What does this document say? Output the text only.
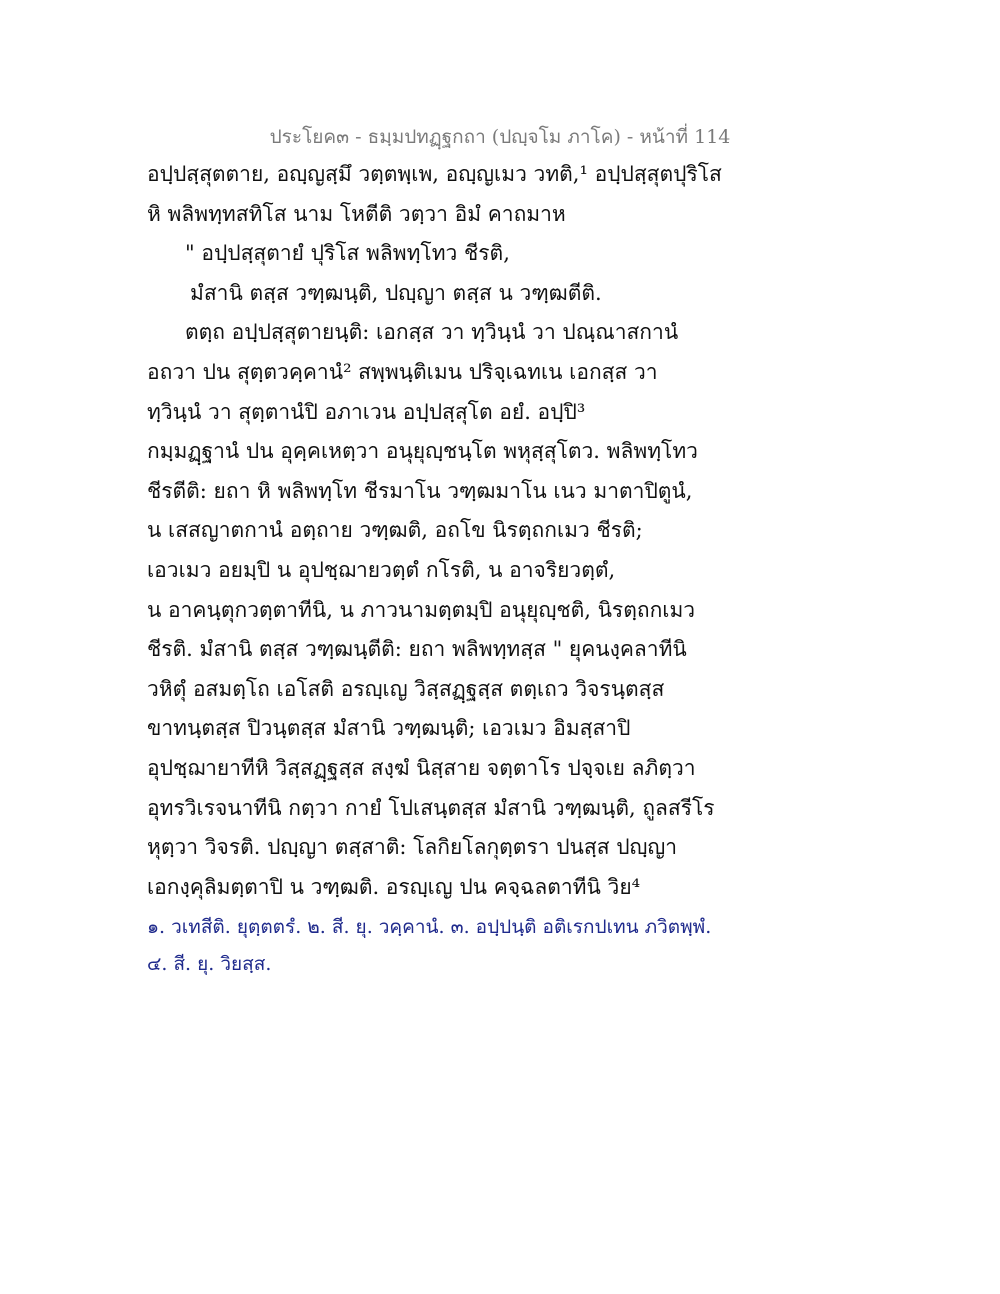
ประโยค๓ - ธมฺมปทฏฺฐกถา (ปญฺจโม ภาโค) - หน้าที่ 114
อปฺปสฺสุตตาย, อญฺญสฺมึ วตฺตพฺเพ, อญฺญเมว วทติ,¹ อปฺปสฺสุตปุริโส
หิ พลิพทฺทสทิโส นาม โหตีติ วตฺวา อิมํ คาถมาห
" อปฺปสฺสุตายํ ปุริโส พลิพทฺโทว ชีรติ,
มํสานิ ตสฺส วฑฺฒนฺติ, ปญฺญา ตสฺส น วฑฺฒตีติ.
ตตฺถ อปฺปสฺสุตายนฺติ: เอกสฺส วา ทฺวินฺนํ วา ปณฺณาสกานํ
อถวา ปน สุตฺตวคฺคานํ² สพฺพนฺติเมน ปริจฺเฉทเน เอกสฺส วา
ทฺวินฺนํ วา สุตฺตานํปิ อภาเวน อปฺปสฺสุโต อยํ. อปฺปิ³
กมฺมฏฺฐานํ ปน อุคฺคเหตฺวา อนุยุญฺชนฺโต พหุสฺสุโตว. พลิพทฺโทว
ชีรตีติ: ยถา หิ พลิพทฺโท ชีรมาโน วฑฺฒมาโน เนว มาตาปิตูนํ,
น เสสญาตกานํ อตฺถาย วฑฺฒติ, อถโข นิรตฺถกเมว ชีรติ;
เอวเมว อยมฺปิ น อุปชฺฌายวตฺตํ กโรติ, น อาจริยวตฺตํ,
น อาคนฺตุกวตฺตาทีนิ, น ภาวนามตฺตมฺปิ อนุยุญฺชติ, นิรตฺถกเมว
ชีรติ. มํสานิ ตสฺส วฑฺฒนฺตีติ: ยถา พลิพทฺทสฺส " ยุคนงฺคลาทีนิ
วหิตุํ อสมตฺโถ เอโสติ อรญฺเญ วิสฺสฏฺฐสฺส ตตฺเถว วิจรนฺตสฺส
ขาทนฺตสฺส ปิวนฺตสฺส มํสานิ วฑฺฒนฺติ; เอวเมว อิมสฺสาปิ
อุปชฺฌายาทีหิ วิสฺสฏฺฐสฺส สงฺฆํ นิสฺสาย จตฺตาโร ปจฺจเย ลภิตฺวา
อุทรวิเรจนาทีนิ กตฺวา กายํ โปเสนฺตสฺส มํสานิ วฑฺฒนฺติ, ถูลสรีโร
หุตฺวา วิจรติ. ปญฺญา ตสฺสาติ: โลกิยโลกุตฺตรา ปนสฺส ปญฺญา
เอกงฺคุลิมตฺตาปิ น วฑฺฒติ. อรญฺเญ ปน คจฺฉลตาทีนิ วิย⁴
๑. วเทสีติ. ยุตฺตตรํ. ๒. สี. ยุ. วคฺคานํ. ๓. อปฺปนฺติ อติเรกปเทน ภวิตพฺพํ.
๔. สี. ยุ. วิยสฺส.
